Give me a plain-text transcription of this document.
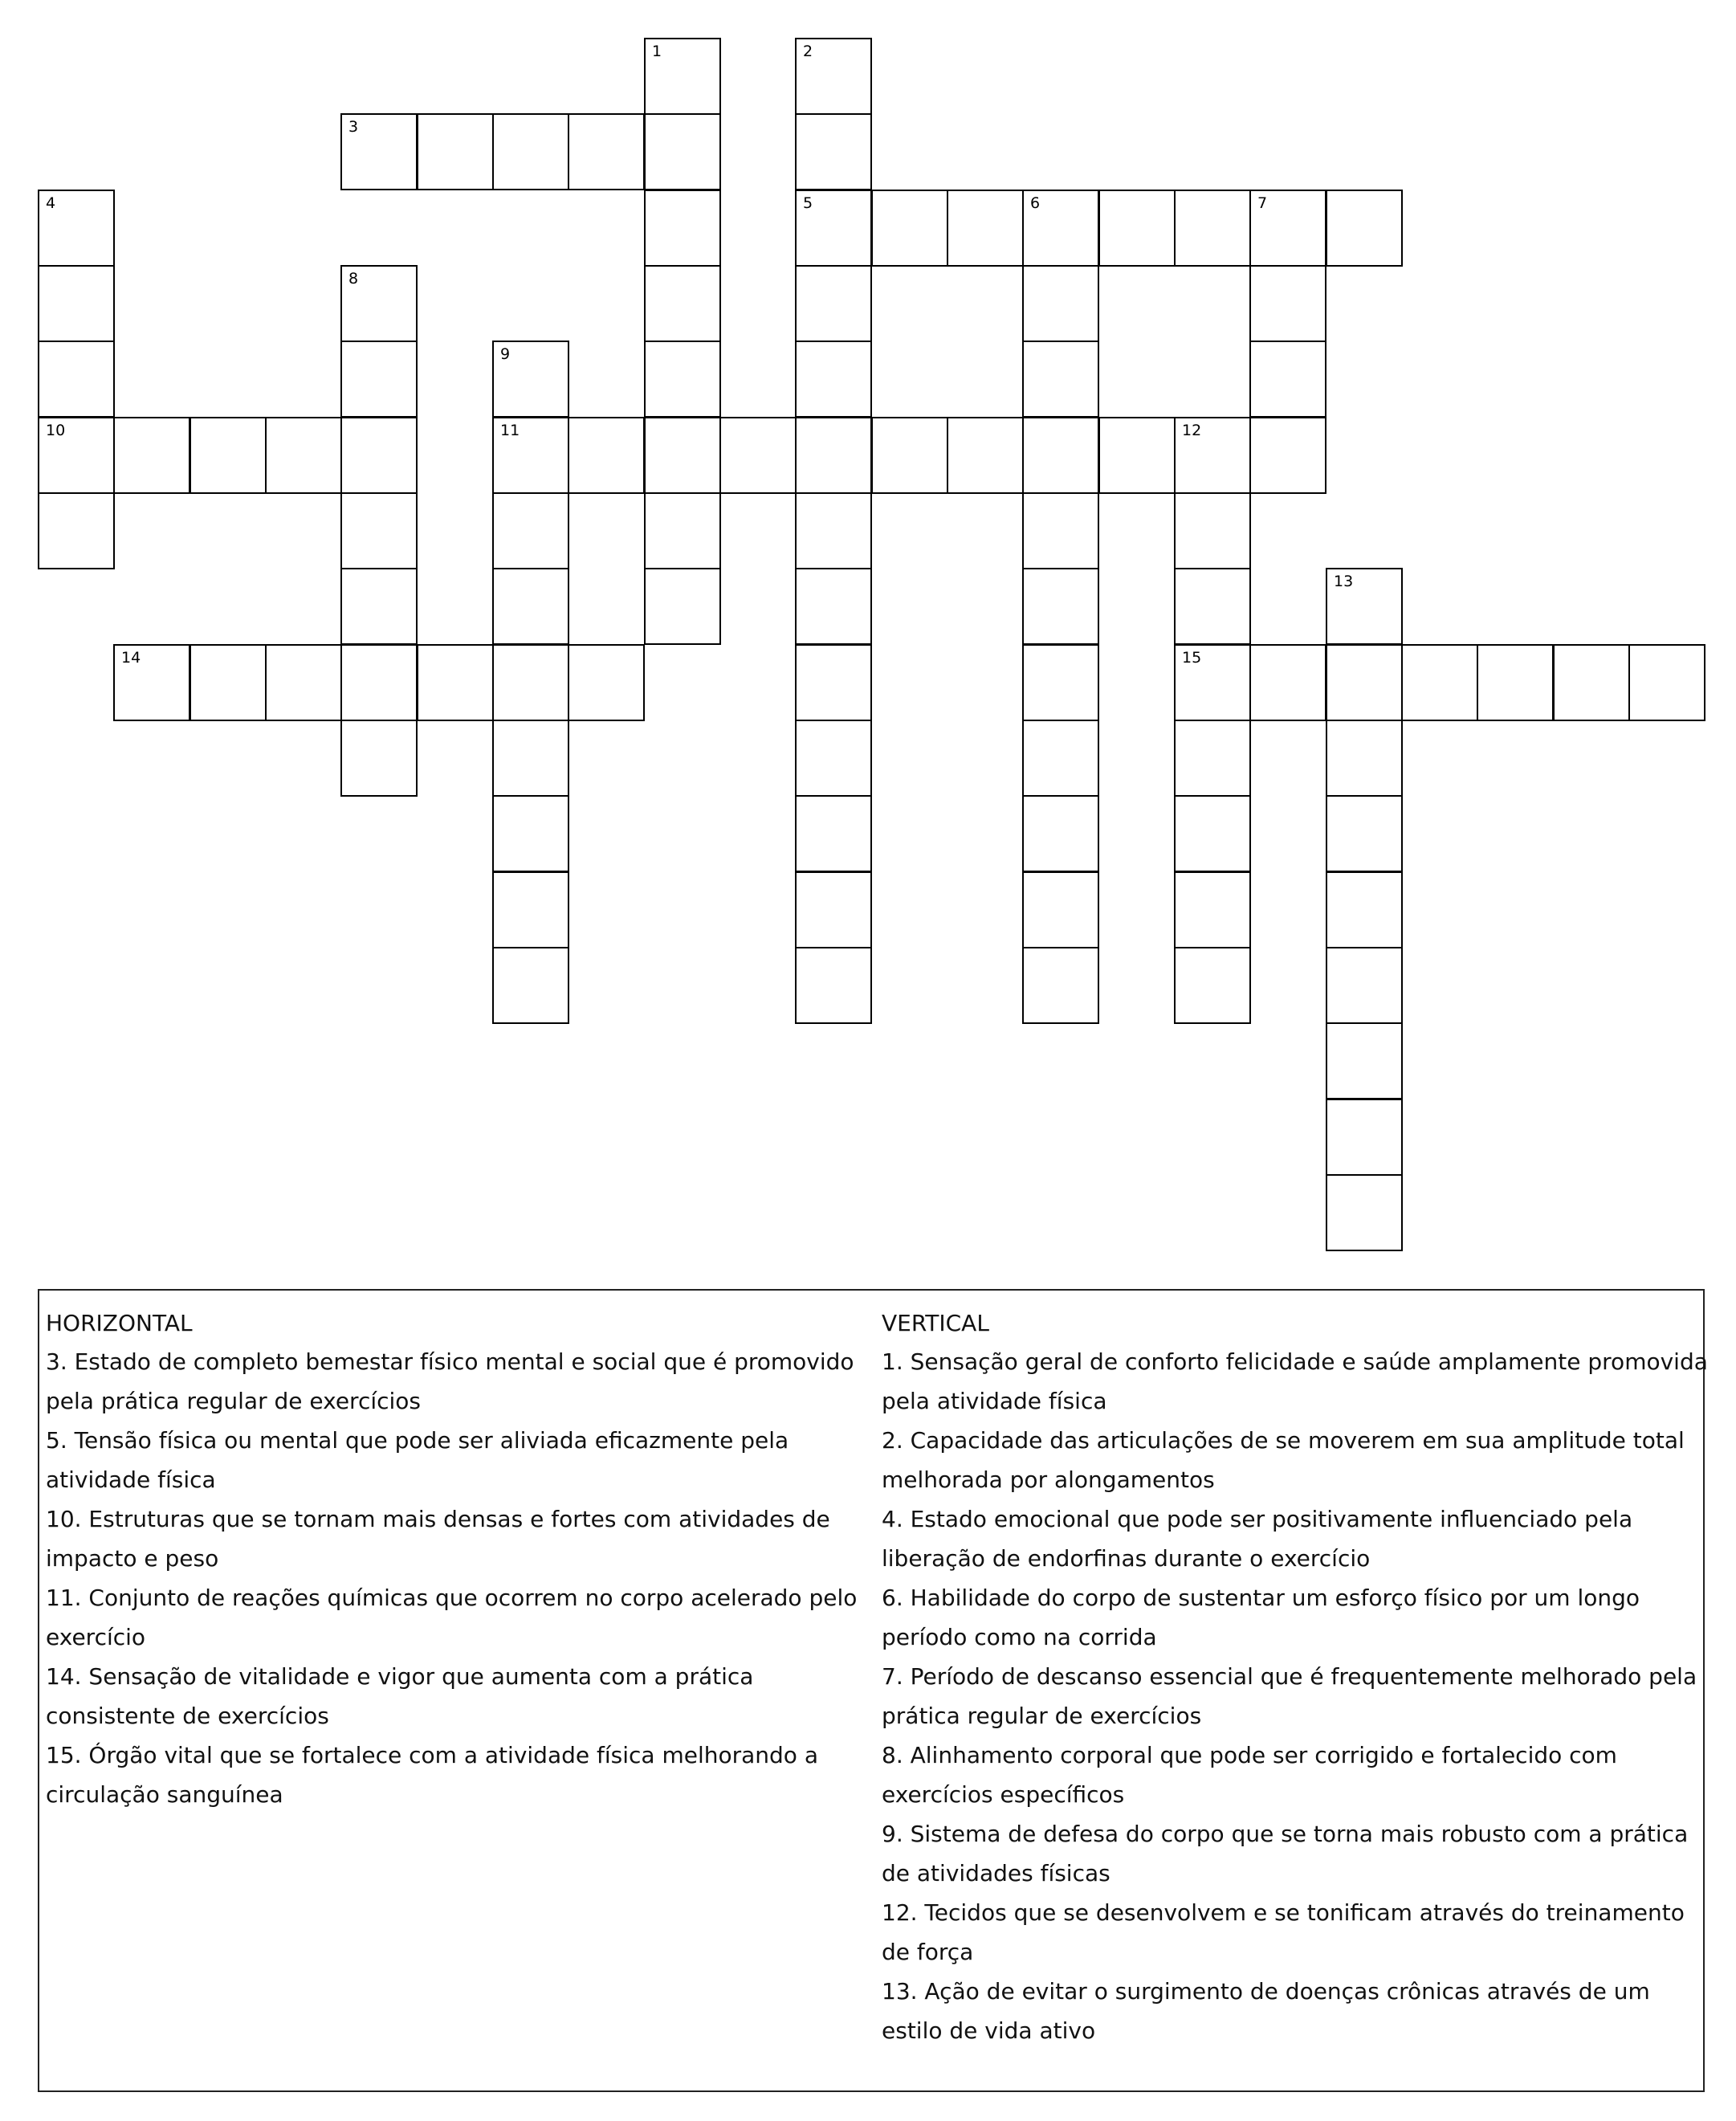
3
5	6	7
10	11	12
14	15
1	2
4
8
9
13
HORIZONTAL
3. Estado de completo bemestar físico mental e social que é promovido pela prática regular de exercícios
5. Tensão física ou mental que pode ser aliviada eficazmente pela atividade física
10. Estruturas que se tornam mais densas e fortes com atividades de impacto e peso
11. Conjunto de reações químicas que ocorrem no corpo acelerado pelo exercício
14. Sensação de vitalidade e vigor que aumenta com a prática consistente de exercícios
15. Órgão vital que se fortalece com a atividade física melhorando a circulação sanguínea
VERTICAL
1. Sensação geral de conforto felicidade e saúde amplamente promovida pela atividade física
2. Capacidade das articulações de se moverem em sua amplitude total melhorada por alongamentos
4. Estado emocional que pode ser positivamente influenciado pela liberação de endorfinas durante o exercício
6. Habilidade do corpo de sustentar um esforço físico por um longo período como na corrida
7. Período de descanso essencial que é frequentemente melhorado pela prática regular de exercícios
8. Alinhamento corporal que pode ser corrigido e fortalecido com exercícios específicos
9. Sistema de defesa do corpo que se torna mais robusto com a prática de atividades físicas
12. Tecidos que se desenvolvem e se tonificam através do treinamento de força
13. Ação de evitar o surgimento de doenças crônicas através de um estilo de vida ativo
